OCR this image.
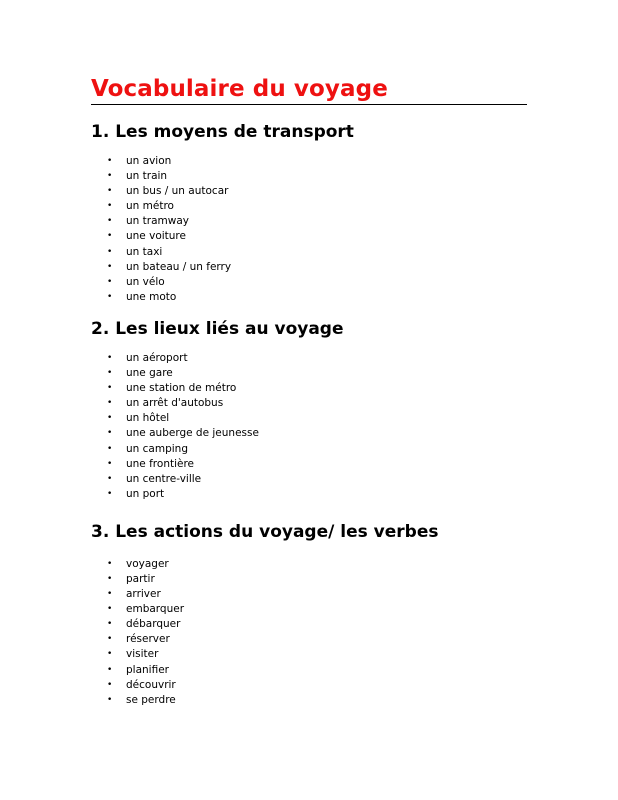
Vocabulaire du voyage
1. Les moyens de transport
• un avion
• un train
• un bus / un autocar
• un métro
• un tramway
• une voiture
• un taxi
• un bateau / un ferry
• un vélo
• une moto
2. Les lieux liés au voyage
• un aéroport
• une gare
• une station de métro
• un arrêt d'autobus
• un hôtel
• une auberge de jeunesse
• un camping
• une frontière
• un centre-ville
• un port
3. Les actions du voyage/ les verbes
• voyager
• partir
• arriver
• embarquer
• débarquer
• réserver
• visiter
• planifier
• découvrir
• se perdre
